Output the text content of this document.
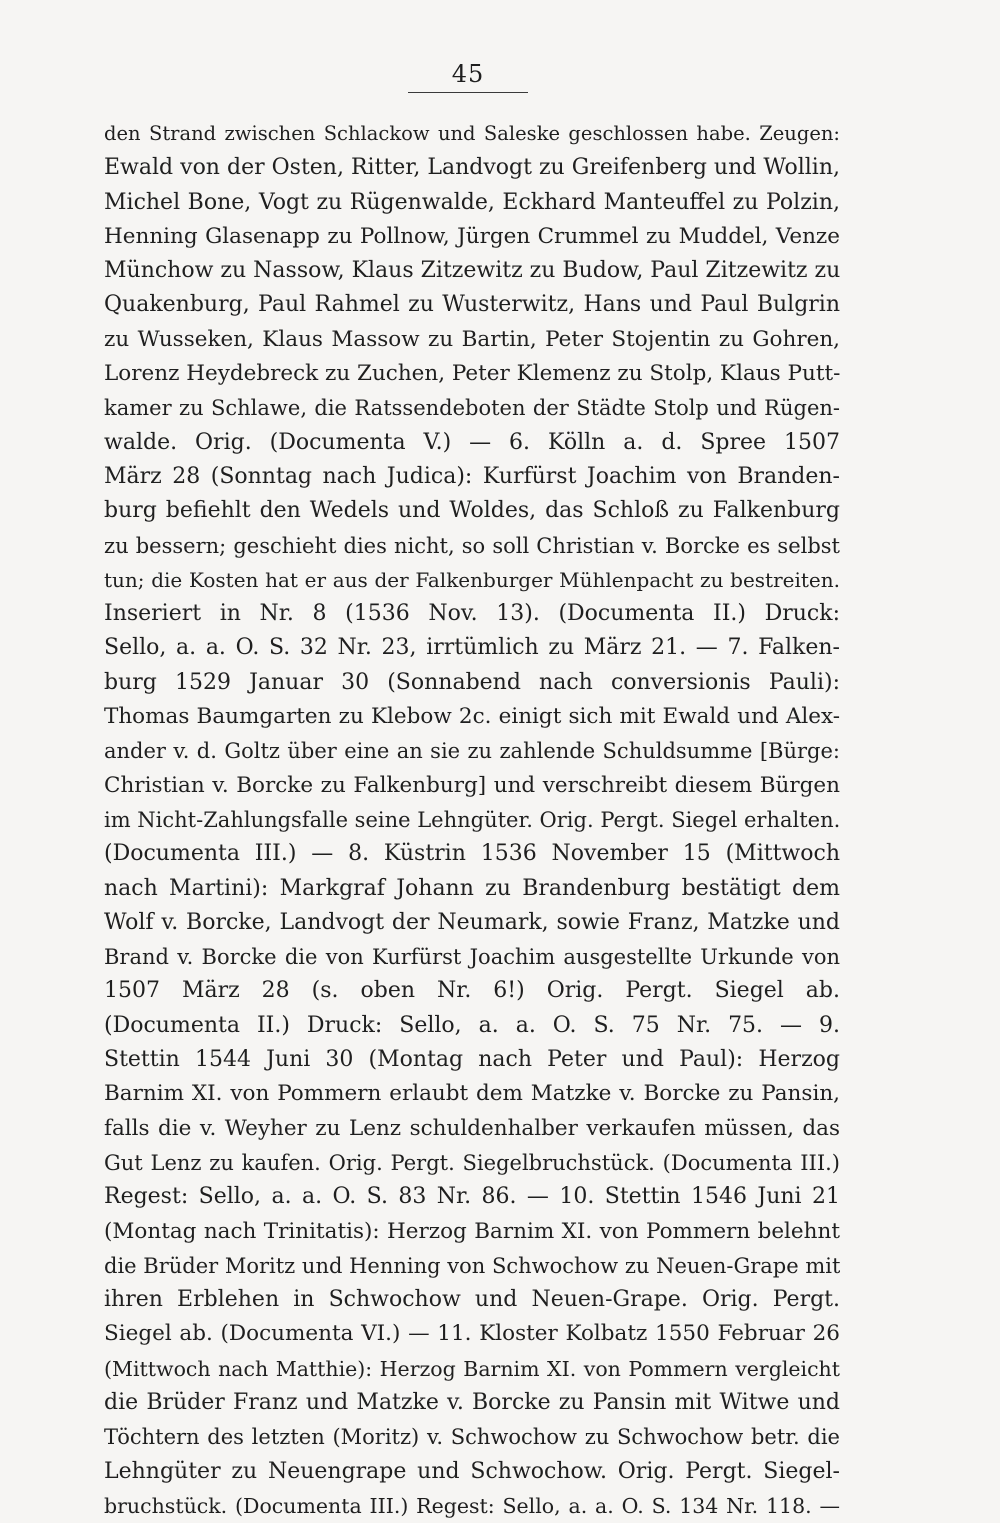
45
den Strand zwischen Schlackow und Saleske geschlossen habe. Zeugen:
Ewald von der Osten, Ritter, Landvogt zu Greifenberg und Wollin,
Michel Bone, Vogt zu Rügenwalde, Eckhard Manteuffel zu Polzin,
Henning Glasenapp zu Pollnow, Jürgen Crummel zu Muddel, Venze
Münchow zu Nassow, Klaus Zitzewitz zu Budow, Paul Zitzewitz zu
Quakenburg, Paul Rahmel zu Wusterwitz, Hans und Paul Bulgrin
zu Wussеken, Klaus Massow zu Bartin, Peter Stojentin zu Gohren,
Lorenz Heydebreck zu Zuchen, Peter Klemenz zu Stolp, Klaus Putt-
kamer zu Schlawe, die Ratssendeboten der Städte Stolp und Rügen-
walde. Orig. (Documenta V.) — 6. Kölln a. d. Spree 1507
März 28 (Sonntag nach Judica): Kurfürst Joachim von Branden-
burg befiehlt den Wedels und Woldes, das Schloß zu Falkenburg
zu bessern; geschieht dies nicht, so soll Christian v. Borcke es selbst
tun; die Kosten hat er aus der Falkenburger Mühlenpacht zu bestreiten.
Inseriert in Nr. 8 (1536 Nov. 13). (Documenta II.) Druck:
Sello, a. a. O. S. 32 Nr. 23, irrtümlich zu März 21. — 7. Falken-
burg 1529 Januar 30 (Sonnabend nach conversionis Pauli):
Thomas Baumgarten zu Klebow 2c. einigt sich mit Ewald und Alex-
ander v. d. Goltz über eine an sie zu zahlende Schuldsumme [Bürge:
Christian v. Borcke zu Falkenburg] und verschreibt diesem Bürgen
im Nicht-Zahlungsfalle seine Lehngüter. Orig. Pergt. Siegel erhalten.
(Documenta III.) — 8. Küstrin 1536 November 15 (Mittwoch
nach Martini): Markgraf Johann zu Brandenburg bestätigt dem
Wolf v. Borcke, Landvogt der Neumark, sowie Franz, Matzke und
Brand v. Borcke die von Kurfürst Joachim ausgestellte Urkunde von
1507 März 28 (s. oben Nr. 6!) Orig. Pergt. Siegel ab.
(Documenta II.) Druck: Sello, a. a. O. S. 75 Nr. 75. — 9.
Stettin 1544 Juni 30 (Montag nach Peter und Paul): Herzog
Barnim XI. von Pommern erlaubt dem Matzke v. Borcke zu Pansin,
falls die v. Weyher zu Lenz schuldenhalber verkaufen müssen, das
Gut Lenz zu kaufen. Orig. Pergt. Siegelbruchstück. (Documenta III.)
Regest: Sello, a. a. O. S. 83 Nr. 86. — 10. Stettin 1546 Juni 21
(Montag nach Trinitatis): Herzog Barnim XI. von Pommern belehnt
die Brüder Moritz und Henning von Schwochow zu Neuen-Grape mit
ihren Erblehen in Schwochow und Neuen-Grape. Orig. Pergt.
Siegel ab. (Documenta VI.) — 11. Kloster Kolbatz 1550 Februar 26
(Mittwoch nach Matthie): Herzog Barnim XI. von Pommern vergleicht
die Brüder Franz und Matzke v. Borcke zu Pansin mit Witwe und
Töchtern des letzten (Moritz) v. Schwochow zu Schwochow betr. die
Lehngüter zu Neuengrape und Schwochow. Orig. Pergt. Siegel-
bruchstück. (Documenta III.) Regest: Sello, a. a. O. S. 134 Nr. 118. —
